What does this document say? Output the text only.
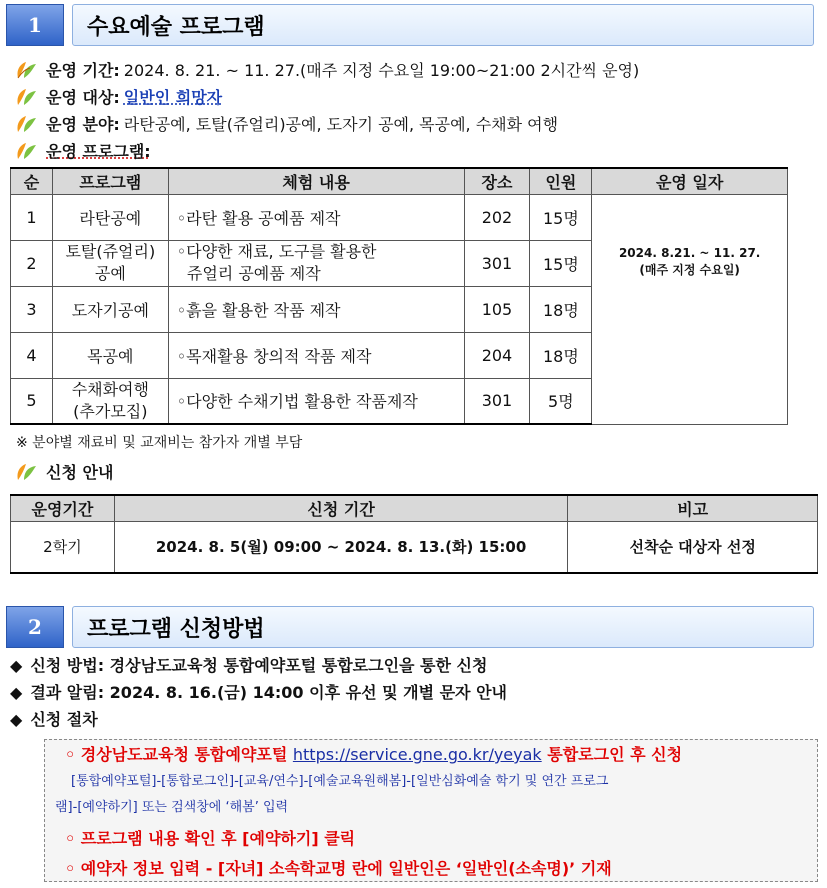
1	수요예술 프로그램
운영 기간: 2024. 8. 21. ~ 11. 27.(매주 지정 수요일 19:00~21:00 2시간씩 운영)
운영 대상: 일반인 희망자
운영 분야: 라탄공예, 토탈(쥬얼리)공예, 도자기 공예, 목공예, 수채화 여행
운영 프로그램:
순	프로그램	체험 내용	장소	인원	운영 일자
1	라탄공예	◦라탄 활용 공예품 제작	202	15명	2024. 8.21. ~ 11. 27.
(매주 지정 수요일)

2	토탈(쥬얼리)
공예	◦다양한 재료, 도구를 활용한
쥬얼리 공예품 제작	301	15명	
3	도자기공예	◦흙을 활용한 작품 제작	105	18명	
4	목공예	◦목재활용 창의적 작품 제작	204	18명	
5	수채화여행
(추가모집)	◦다양한 수채기법 활용한 작품제작	301	5명	
※ 분야별 재료비 및 교재비는 참가자 개별 부담
신청 안내
운영기간	신청 기간	비고
2학기	2024. 8. 5(월) 09:00 ~ 2024. 8. 13.(화) 15:00	선착순 대상자 선정
2	프로그램 신청방법
◆ 신청 방법: 경상남도교육청 통합예약포털 통합로그인을 통한 신청
◆ 결과 알림: 2024. 8. 16.(금) 14:00 이후 유선 및 개별 문자 안내
◆ 신청 절차
◦ 경상남도교육청 통합예약포털 https://service.gne.go.kr/yeyak 통합로그인 후 신청
[통합예약포털]-[통합로그인]-[교육/연수]-[예술교육원해봄]-[일반심화예술 학기 및 연간 프로그
램]-[예약하기] 또는 검색창에 ‘해봄’ 입력
◦ 프로그램 내용 확인 후 [예약하기] 클릭
◦ 예약자 정보 입력 - [자녀] 소속학교명 란에 일반인은 ‘일반인(소속명)’ 기재
